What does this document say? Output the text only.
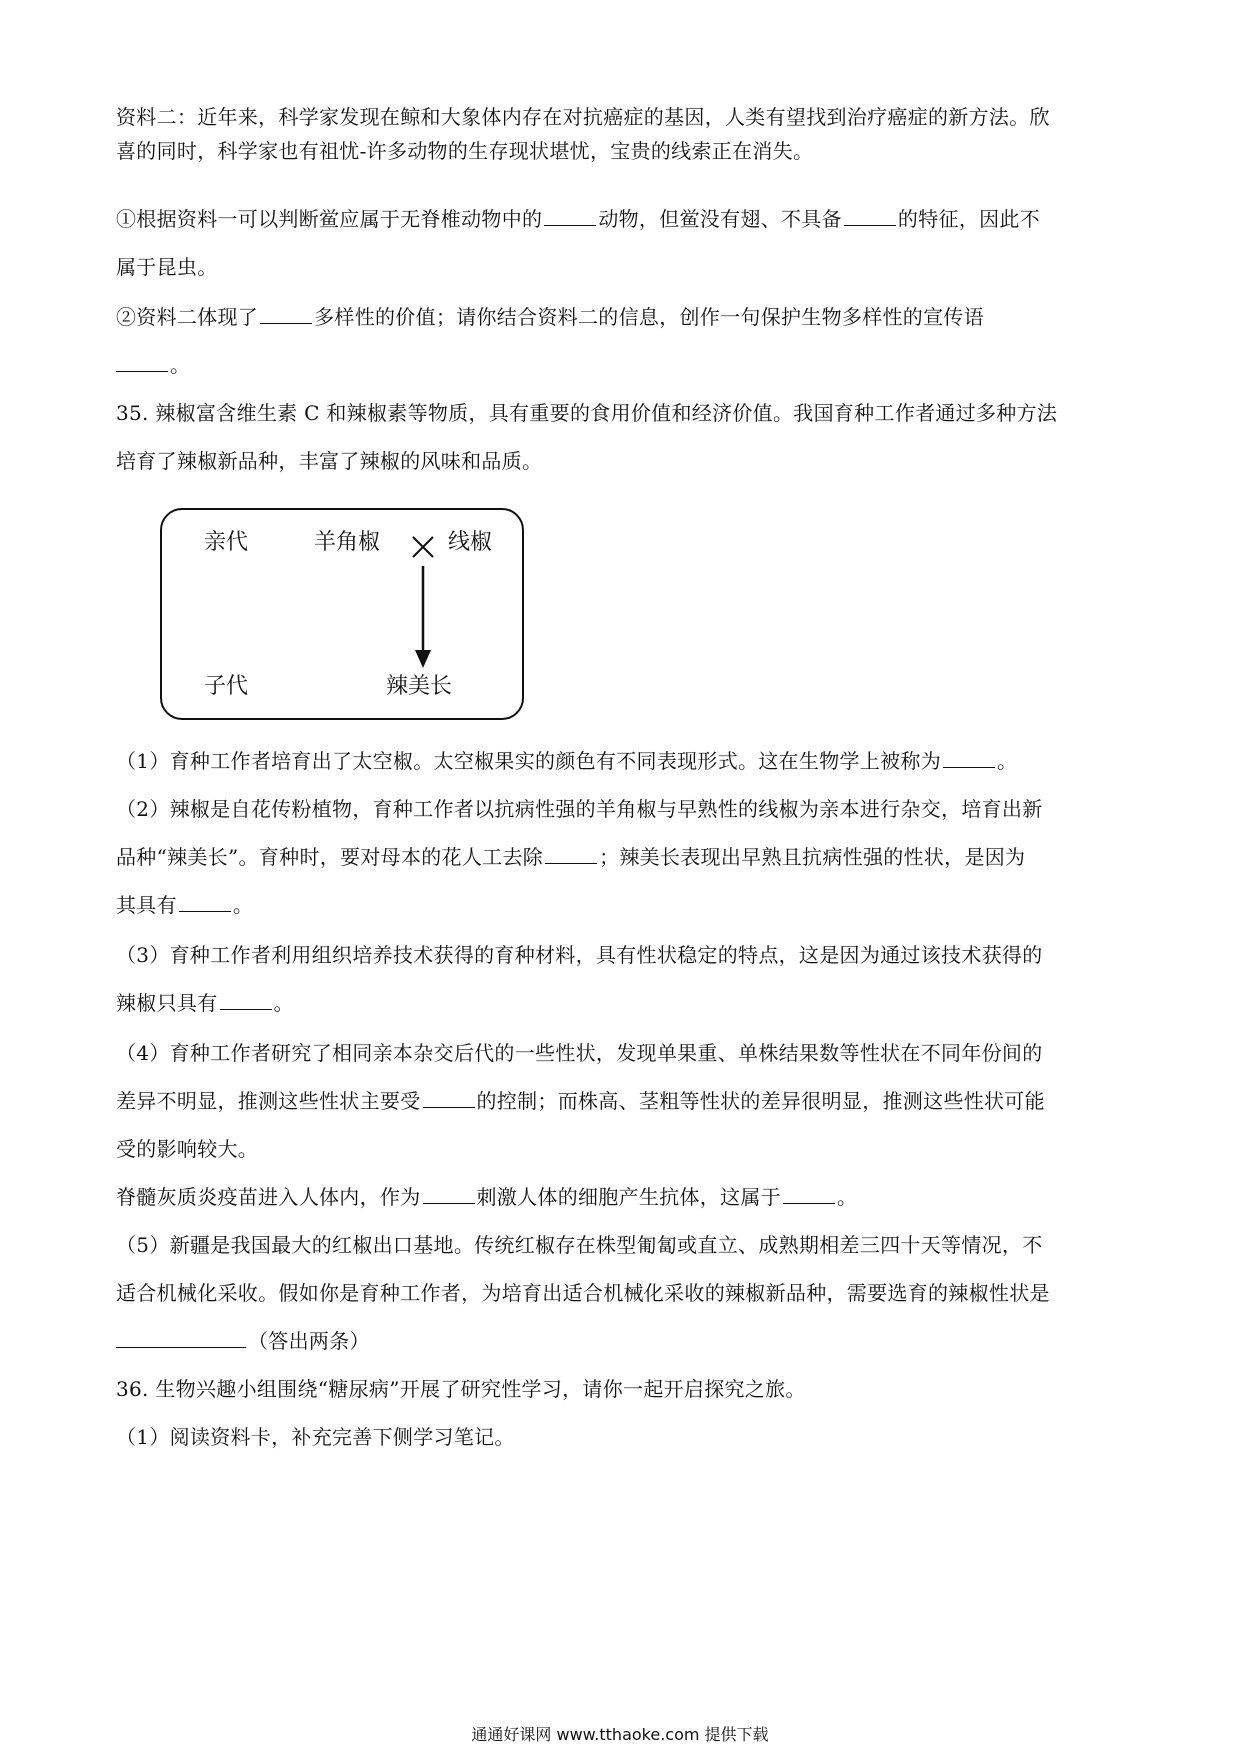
资料二：近年来，科学家发现在鲸和大象体内存在对抗癌症的基因，人类有望找到治疗癌症的新方法。欣
喜的同时，科学家也有祖忧-许多动物的生存现状堪忧，宝贵的线索正在消失。
①根据资料一可以判断鲎应属于无脊椎动物中的	动物，但鲎没有翅、不具备	的特征，因此不
属于昆虫。
②资料二体现了	多样性的价值；请你结合资料二的信息，创作一句保护生物多样性的宣传语
。
35. 辣椒富含维生素 C 和辣椒素等物质，具有重要的食用价值和经济价值。我国育种工作者通过多种方法
培育了辣椒新品种，丰富了辣椒的风味和品质。
亲代	羊角椒	线椒
子代	辣美长
（1）育种工作者培育出了太空椒。太空椒果实的颜色有不同表现形式。这在生物学上被称为	。
（2）辣椒是自花传粉植物，育种工作者以抗病性强的羊角椒与早熟性的线椒为亲本进行杂交，培育出新
品种“辣美长”。育种时，要对母本的花人工去除	；辣美长表现出早熟且抗病性强的性状，是因为
其具有	。
（3）育种工作者利用组织培养技术获得的育种材料，具有性状稳定的特点，这是因为通过该技术获得的
辣椒只具有	。
（4）育种工作者研究了相同亲本杂交后代的一些性状，发现单果重、单株结果数等性状在不同年份间的
差异不明显，推测这些性状主要受	的控制；而株高、茎粗等性状的差异很明显，推测这些性状可能
受的影响较大。
脊髓灰质炎疫苗进入人体内，作为	刺激人体的细胞产生抗体，这属于	。
（5）新疆是我国最大的红椒出口基地。传统红椒存在株型匍匐或直立、成熟期相差三四十天等情况，不
适合机械化采收。假如你是育种工作者，为培育出适合机械化采收的辣椒新品种，需要选育的辣椒性状是
（答出两条）
36. 生物兴趣小组围绕“糖尿病”开展了研究性学习，请你一起开启探究之旅。
（1）阅读资料卡，补充完善下侧学习笔记。
通通好课网 www.tthaoke.com 提供下载
